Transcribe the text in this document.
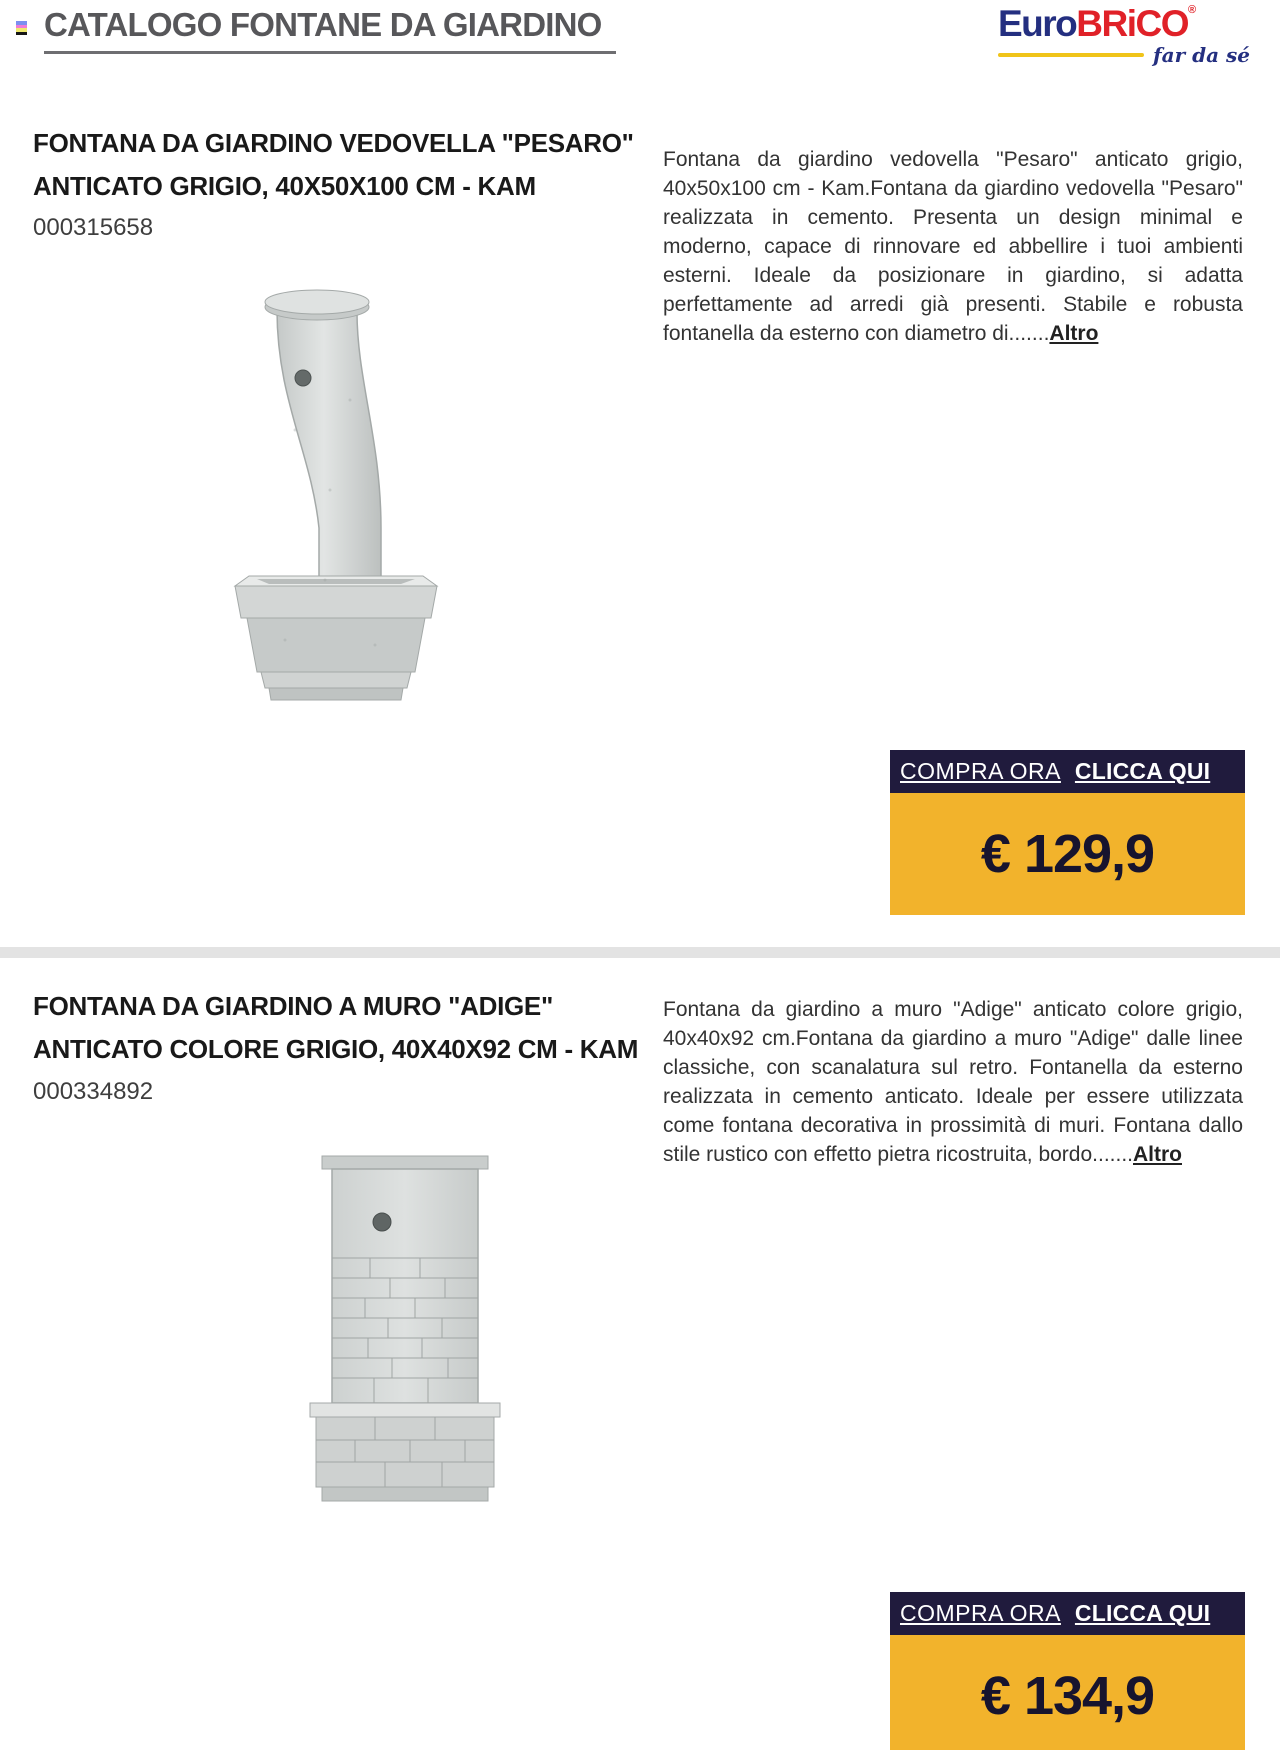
CATALOGO FONTANE DA GIARDINO	EuroBRiCO®
far da sé
FONTANA DA GIARDINO VEDOVELLA "PESARO"
ANTICATO GRIGIO, 40X50X100 CM - KAM
000315658

Fontana da giardino vedovella "Pesaro" anticato grigio, 40x50x100 cm - Kam.Fontana da giardino vedovella "Pesaro" realizzata in cemento. Presenta un design minimal e moderno, capace di rinnovare ed abbellire i tuoi ambienti esterni. Ideale da posizionare in giardino, si adatta perfettamente ad arredi già presenti. Stabile e robusta fontanella da esterno con diametro di.......Altro

COMPRA ORA CLICCA QUI
€ 129,9
FONTANA DA GIARDINO A MURO "ADIGE"
ANTICATO COLORE GRIGIO, 40X40X92 CM - KAM
000334892

Fontana da giardino a muro "Adige" anticato colore grigio, 40x40x92 cm.Fontana da giardino a muro "Adige" dalle linee classiche, con scanalatura sul retro. Fontanella da esterno realizzata in cemento anticato. Ideale per essere utilizzata come fontana decorativa in prossimità di muri. Fontana dallo stile rustico con effetto pietra ricostruita, bordo.......Altro

COMPRA ORA CLICCA QUI
€ 134,9
